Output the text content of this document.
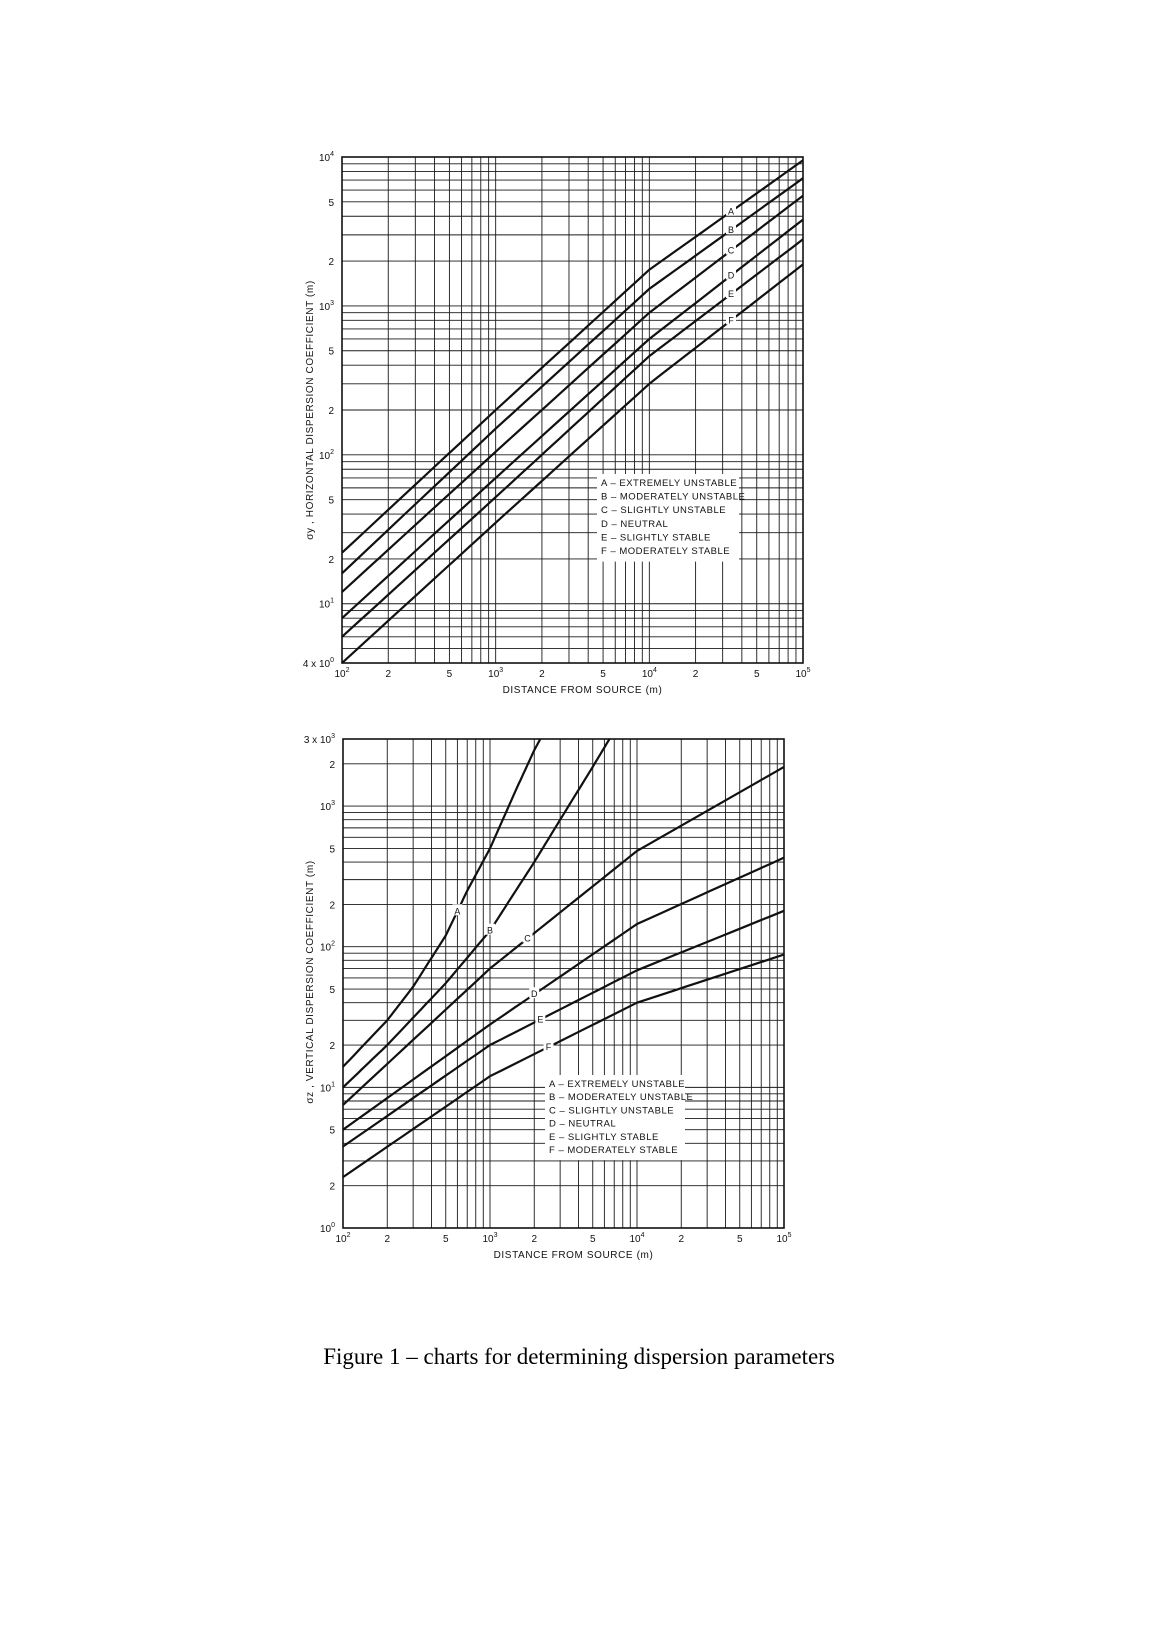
A
B
C
D
E
F
$10^2$	2	5	$10^3$	2	5	$10^4$	2	5	$10^5$
DISTANCE FROM SOURCE (m)
4 x $10^0$
$10^1$
2
5
$10^2$
2
5
$10^3$
2
5
$10^4$
σy , HORIZONTAL DISPERSION COEFFICIENT (m)	A – EXTREMELY UNSTABLE
B – MODERATELY UNSTABLE
C – SLIGHTLY UNSTABLE
D – NEUTRAL
E – SLIGHTLY STABLE
F – MODERATELY STABLE
A
B
C
D
E
F
$10^2$	2	5	$10^3$	2	5	$10^4$	2	5	$10^5$
DISTANCE FROM SOURCE (m)
$10^0$
2
5
$10^1$
2
5
$10^2$
2
5
$10^3$
2
3 x $10^3$
σz , VERTICAL DISPERSION COEFFICIENT (m)	A – EXTREMELY UNSTABLE
B – MODERATELY UNSTABLE
C – SLIGHTLY UNSTABLE
D – NEUTRAL
E – SLIGHTLY STABLE
F – MODERATELY STABLE
Figure 1 – charts for determining dispersion parameters
